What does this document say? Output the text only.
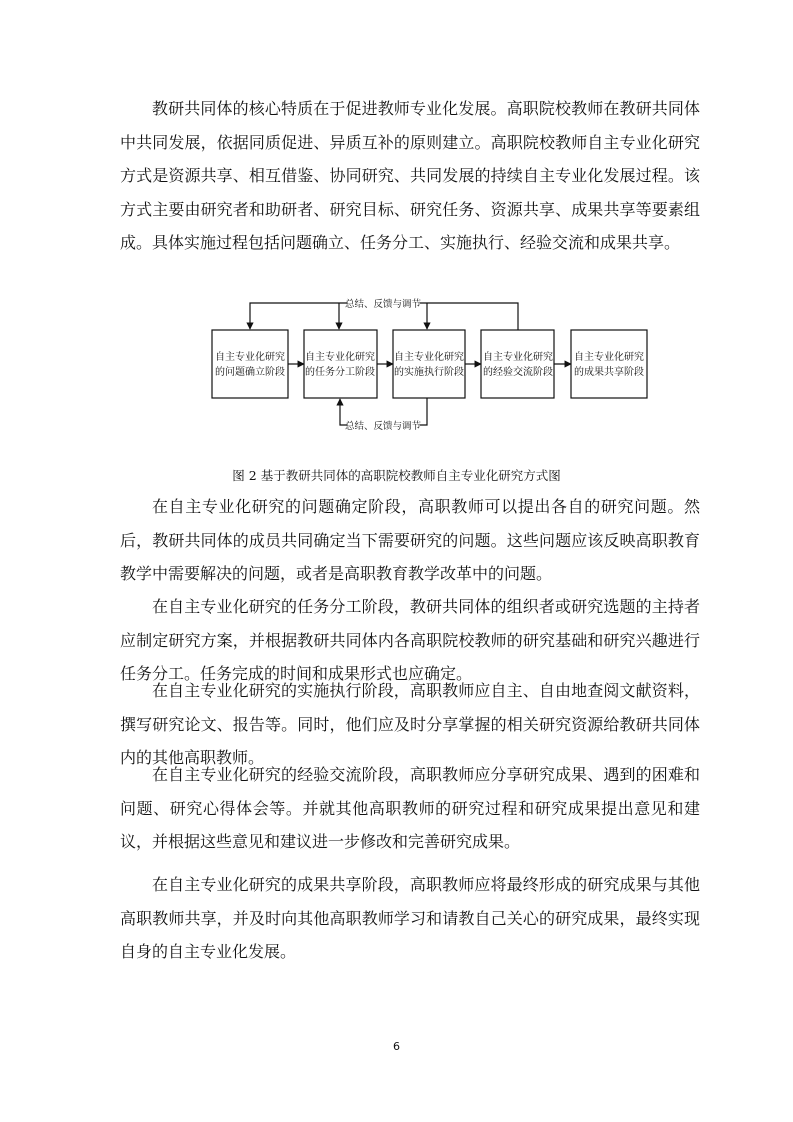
教研共同体的核心特质在于促进教师专业化发展。高职院校教师在教研共同体中共同发展，依据同质促进、异质互补的原则建立。高职院校教师自主专业化研究方式是资源共享、相互借鉴、协同研究、共同发展的持续自主专业化发展过程。该方式主要由研究者和助研者、研究目标、研究任务、资源共享、成果共享等要素组成。具体实施过程包括问题确立、任务分工、实施执行、经验交流和成果共享。

总结、反馈与调节
总结、反馈与调节
自主专业化研究
的问题确立阶段
自主专业化研究
的任务分工阶段
自主专业化研究
的实施执行阶段
自主专业化研究
的经验交流阶段
自主专业化研究
的成果共享阶段

图 2 基于教研共同体的高职院校教师自主专业化研究方式图

在自主专业化研究的问题确定阶段，高职教师可以提出各自的研究问题。然后，教研共同体的成员共同确定当下需要研究的问题。这些问题应该反映高职教育教学中需要解决的问题，或者是高职教育教学改革中的问题。

在自主专业化研究的任务分工阶段，教研共同体的组织者或研究选题的主持者应制定研究方案，并根据教研共同体内各高职院校教师的研究基础和研究兴趣进行任务分工。任务完成的时间和成果形式也应确定。

在自主专业化研究的实施执行阶段，高职教师应自主、自由地查阅文献资料，撰写研究论文、报告等。同时，他们应及时分享掌握的相关研究资源给教研共同体内的其他高职教师。

在自主专业化研究的经验交流阶段，高职教师应分享研究成果、遇到的困难和问题、研究心得体会等。并就其他高职教师的研究过程和研究成果提出意见和建议，并根据这些意见和建议进一步修改和完善研究成果。

在自主专业化研究的成果共享阶段，高职教师应将最终形成的研究成果与其他高职教师共享，并及时向其他高职教师学习和请教自己关心的研究成果，最终实现自身的自主专业化发展。

6
